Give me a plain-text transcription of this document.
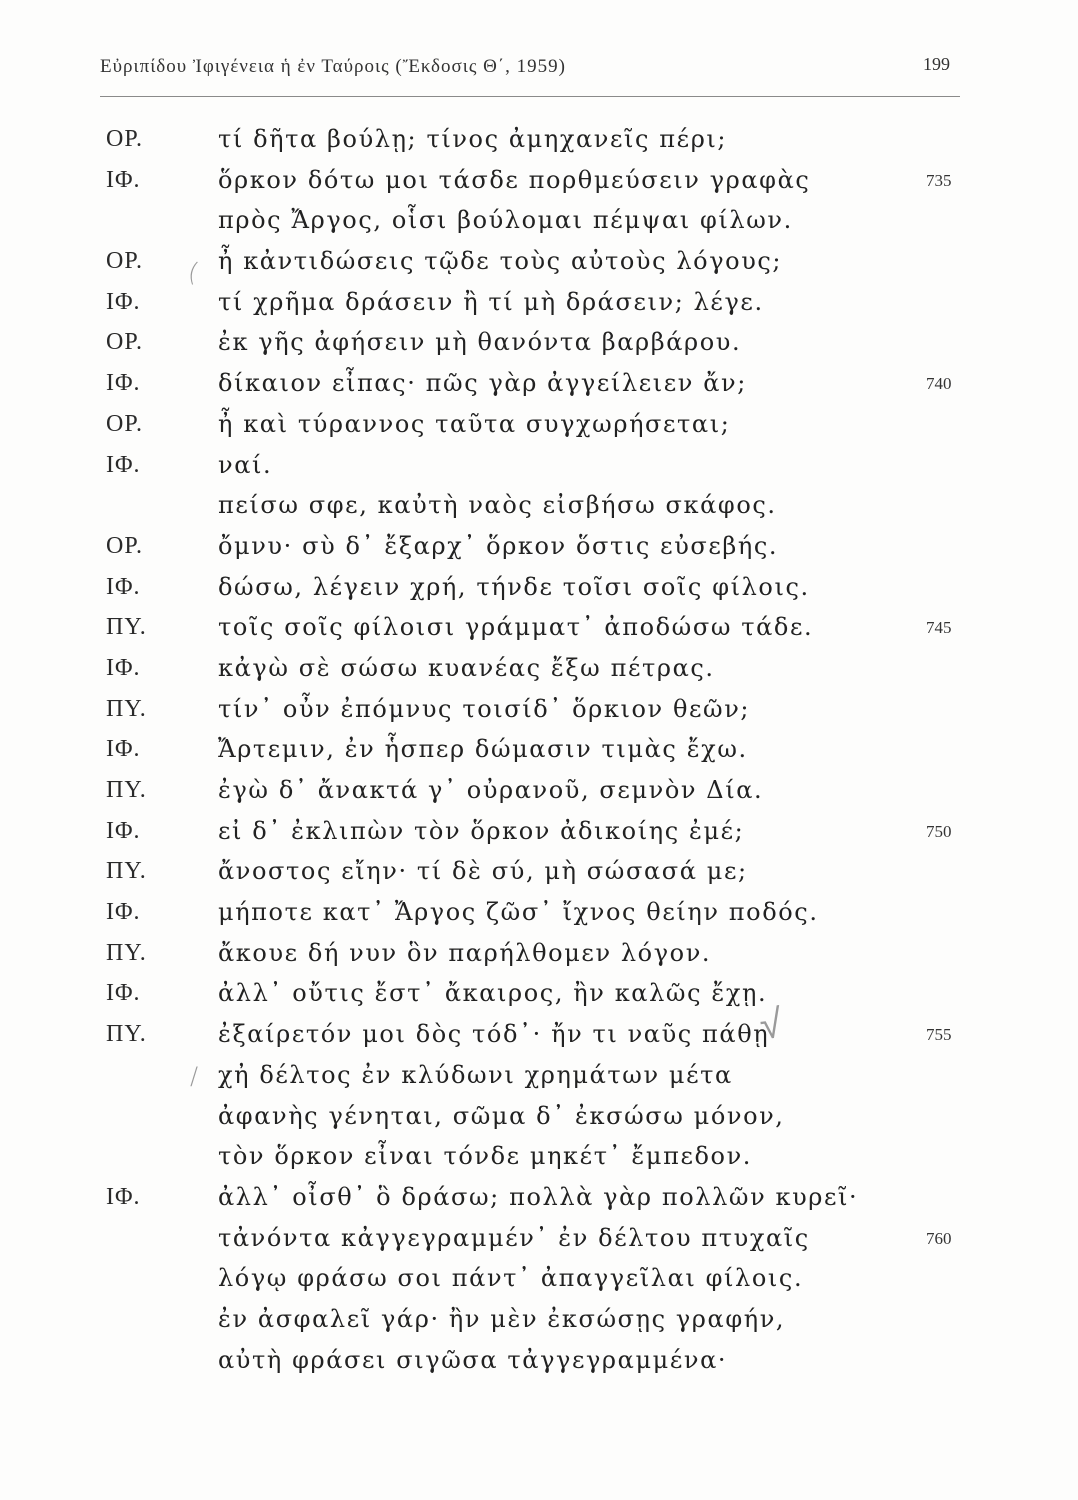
Εὐριπίδου Ἰφιγένεια ἡ ἐν Ταύροις (Ἔκδοσις Θ΄, 1959)	199
ΟΡ.	τί δῆτα βούλῃ; τίνος ἀμηχανεῖς πέρι;
ΙΦ.	ὅρκον δότω μοι τάσδε πορθμεύσειν γραφὰς	735
πρὸς Ἄργος, οἷσι βούλομαι πέμψαι φίλων.
ΟΡ.	ἦ κἀντιδώσεις τῷδε τοὺς αὐτοὺς λόγους;
ΙΦ.	τί χρῆμα δράσειν ἢ τί μὴ δράσειν; λέγε.
ΟΡ.	ἐκ γῆς ἀφήσειν μὴ θανόντα βαρβάρου.
ΙΦ.	δίκαιον εἶπας· πῶς γὰρ ἀγγείλειεν ἄν;	740
ΟΡ.	ἦ καὶ τύραννος ταῦτα συγχωρήσεται;
ΙΦ.	ναί.
πείσω σφε, καὐτὴ ναὸς εἰσβήσω σκάφος.
ΟΡ.	ὄμνυ· σὺ δ᾽ ἔξαρχ᾽ ὅρκον ὅστις εὐσεβής.
ΙΦ.	δώσω, λέγειν χρή, τήνδε τοῖσι σοῖς φίλοις.
ΠΥ.	τοῖς σοῖς φίλοισι γράμματ᾽ ἀποδώσω τάδε.	745
ΙΦ.	κἀγὼ σὲ σώσω κυανέας ἔξω πέτρας.
ΠΥ.	τίν᾽ οὖν ἐπόμνυς τοισίδ᾽ ὅρκιον θεῶν;
ΙΦ.	Ἄρτεμιν, ἐν ἧσπερ δώμασιν τιμὰς ἔχω.
ΠΥ.	ἐγὼ δ᾽ ἄνακτά γ᾽ οὐρανοῦ, σεμνὸν Δία.
ΙΦ.	εἰ δ᾽ ἐκλιπὼν τὸν ὅρκον ἀδικοίης ἐμέ;	750
ΠΥ.	ἄνοστος εἴην· τί δὲ σύ, μὴ σώσασά με;
ΙΦ.	μήποτε κατ᾽ Ἄργος ζῶσ᾽ ἴχνος θείην ποδός.
ΠΥ.	ἄκουε δή νυν ὃν παρήλθομεν λόγον.
ΙΦ.	ἀλλ᾽ οὔτις ἔστ᾽ ἄκαιρος, ἢν καλῶς ἔχῃ.
ΠΥ.	ἐξαίρετόν μοι δὸς τόδ᾽· ἤν τι ναῦς πάθῃ	755
χἠ δέλτος ἐν κλύδωνι χρημάτων μέτα
ἀφανὴς γένηται, σῶμα δ᾽ ἐκσώσω μόνον,
τὸν ὅρκον εἶναι τόνδε μηκέτ᾽ ἔμπεδον.
ΙΦ.	ἀλλ᾽ οἶσθ᾽ ὃ δράσω; πολλὰ γὰρ πολλῶν κυρεῖ·
τἀνόντα κἀγγεγραμμέν᾽ ἐν δέλτου πτυχαῖς	760
λόγῳ φράσω σοι πάντ᾽ ἀπαγγεῖλαι φίλοις.
ἐν ἀσφαλεῖ γάρ· ἢν μὲν ἐκσώσῃς γραφήν,
αὐτὴ φράσει σιγῶσα τἀγγεγραμμένα·
(
√
/
